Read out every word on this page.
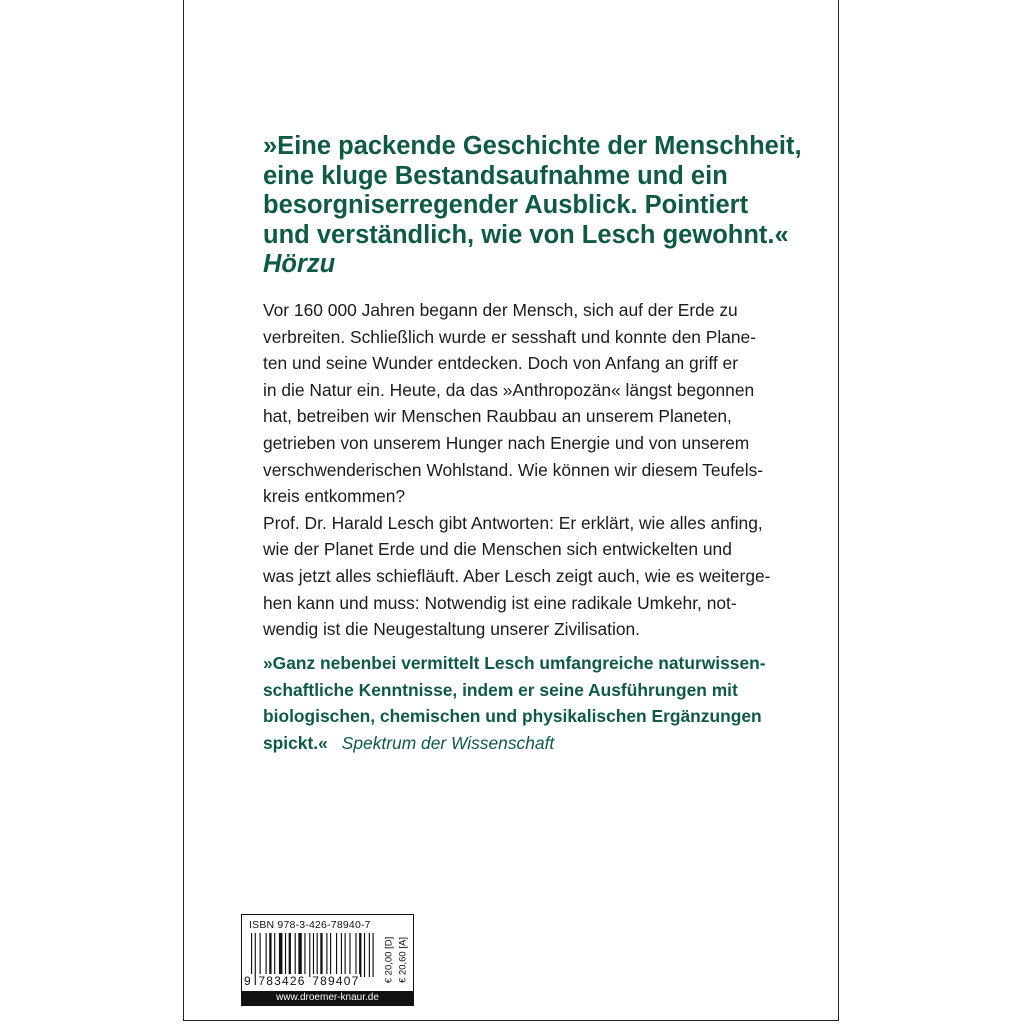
»Eine packende Geschichte der Menschheit,
eine kluge Bestandsaufnahme und ein
besorgniserregender Ausblick. Pointiert
und verständlich, wie von Lesch gewohnt.«
Hörzu
Vor 160 000 Jahren begann der Mensch, sich auf der Erde zu
verbreiten. Schließlich wurde er sesshaft und konnte den Plane-
ten und seine Wunder entdecken. Doch von Anfang an griff er
in die Natur ein. Heute, da das »Anthropozän« längst begonnen
hat, betreiben wir Menschen Raubbau an unserem Planeten,
getrieben von unserem Hunger nach Energie und von unserem
verschwenderischen Wohlstand. Wie können wir diesem Teufels-
kreis entkommen?
Prof. Dr. Harald Lesch gibt Antworten: Er erklärt, wie alles anfing,
wie der Planet Erde und die Menschen sich entwickelten und
was jetzt alles schiefläuft. Aber Lesch zeigt auch, wie es weiterge-
hen kann und muss: Notwendig ist eine radikale Umkehr, not-
wendig ist die Neugestaltung unserer Zivilisation.
»Ganz nebenbei vermittelt Lesch umfangreiche naturwissen-
schaftliche Kenntnisse, indem er seine Ausführungen mit
biologischen, chemischen und physikalischen Ergänzungen
spickt.« Spektrum der Wissenschaft
ISBN 978-3-426-78940-7
9 783426 789407	€ 20,00 [D] € 20,60 [A]
www.droemer-knaur.de
